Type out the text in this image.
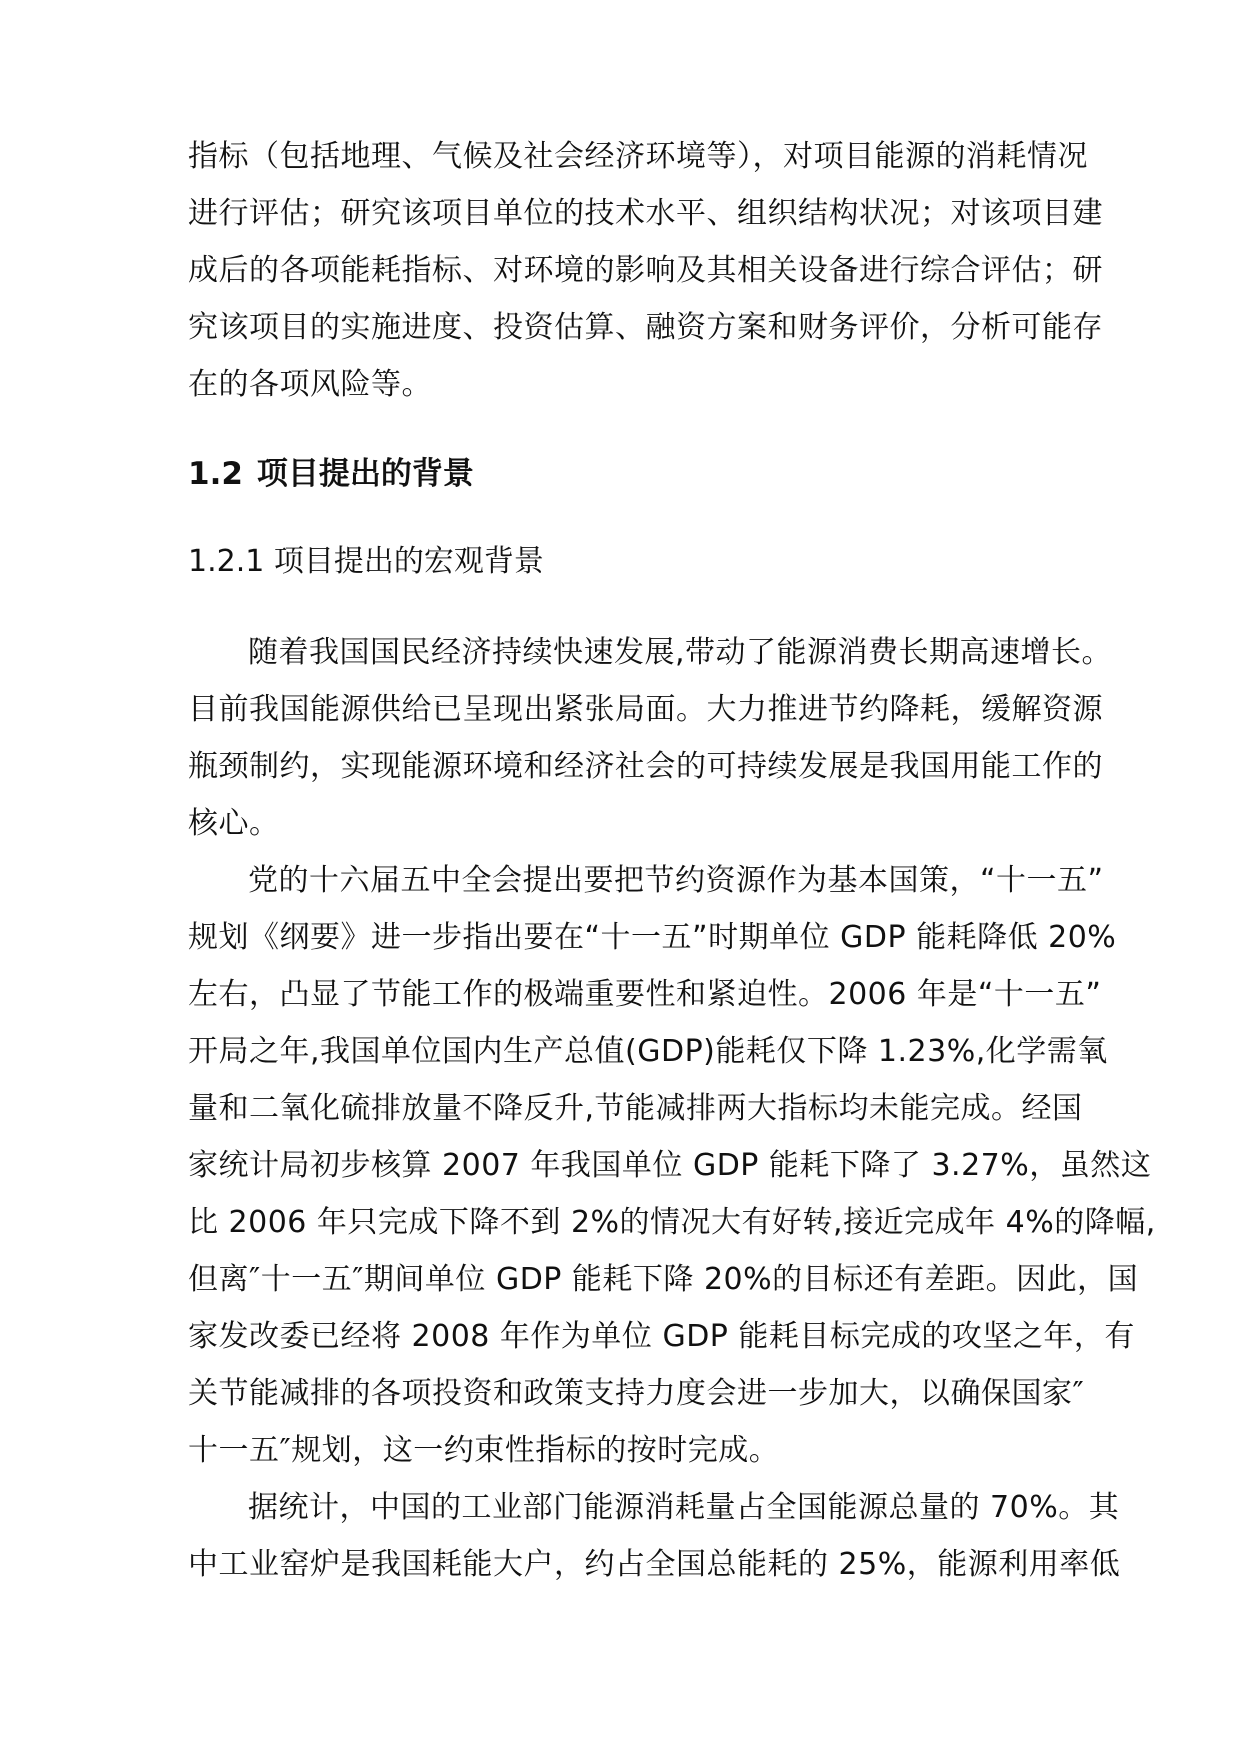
指标（包括地理、气候及社会经济环境等），对项目能源的消耗情况
进行评估；研究该项目单位的技术水平、组织结构状况；对该项目建
成后的各项能耗指标、对环境的影响及其相关设备进行综合评估；研
究该项目的实施进度、投资估算、融资方案和财务评价，分析可能存
在的各项风险等。
1.2 项目提出的背景
1.2.1 项目提出的宏观背景
随着我国国民经济持续快速发展,带动了能源消费长期高速增长。
目前我国能源供给已呈现出紧张局面。大力推进节约降耗，缓解资源
瓶颈制约，实现能源环境和经济社会的可持续发展是我国用能工作的
核心。
党的十六届五中全会提出要把节约资源作为基本国策，“十一五”
规划《纲要》进一步指出要在“十一五”时期单位 GDP 能耗降低 20%
左右，凸显了节能工作的极端重要性和紧迫性。2006 年是“十一五”
开局之年,我国单位国内生产总值(GDP)能耗仅下降 1.23%,化学需氧
量和二氧化硫排放量不降反升,节能减排两大指标均未能完成。经国
家统计局初步核算 2007 年我国单位 GDP 能耗下降了 3.27%，虽然这
比 2006 年只完成下降不到 2%的情况大有好转,接近完成年 4%的降幅,
但离″十一五″期间单位 GDP 能耗下降 20%的目标还有差距。因此，国
家发改委已经将 2008 年作为单位 GDP 能耗目标完成的攻坚之年，有
关节能减排的各项投资和政策支持力度会进一步加大，以确保国家″
十一五″规划，这一约束性指标的按时完成。
据统计，中国的工业部门能源消耗量占全国能源总量的 70%。其
中工业窑炉是我国耗能大户，约占全国总能耗的 25%，能源利用率低
